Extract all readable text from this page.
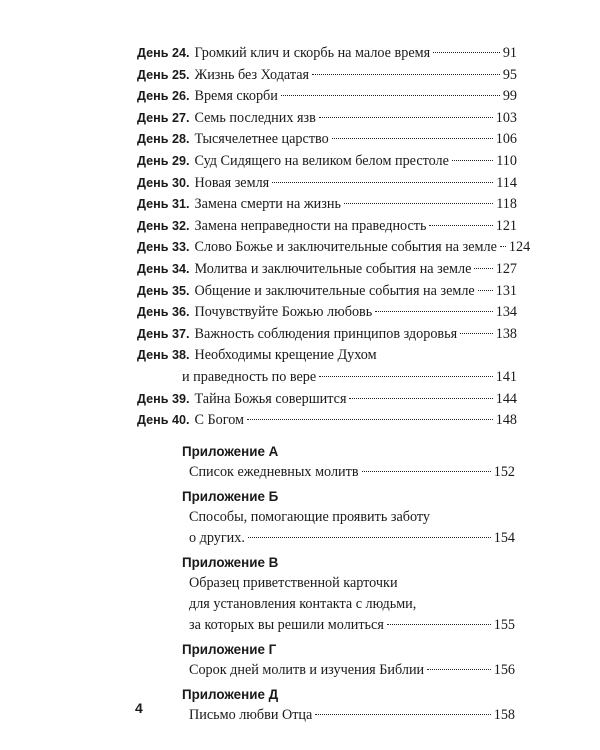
День 24. Громкий клич и скорбь на малое время	91
День 25. Жизнь без Ходатая	95
День 26. Время скорби	99
День 27. Семь последних язв	103
День 28. Тысячелетнее царство	106
День 29. Суд Сидящего на великом белом престоле	110
День 30. Новая земля	114
День 31. Замена смерти на жизнь	118
День 32. Замена неправедности на праведность	121
День 33. Слово Божье и заключительные события на земле 124
День 34. Молитва и заключительные события на земле 127
День 35. Общение и заключительные события на земле 131
День 36. Почувствуйте Божью любовь	134
День 37. Важность соблюдения принципов здоровья	138
День 38. Необходимы крещение Духом
и праведность по вере	141
День 39. Тайна Божья совершится	144
День 40. С Богом	148
Приложение А
Список ежедневных молитв	152
Приложение Б
Способы, помогающие проявить заботу
о других.	154
Приложение В
Образец приветственной карточки
для установления контакта с людьми,
за которых вы решили молиться	155
Приложение Г
Сорок дней молитв и изучения Библии	156
Приложение Д
Письмо любви Отца	158
4
